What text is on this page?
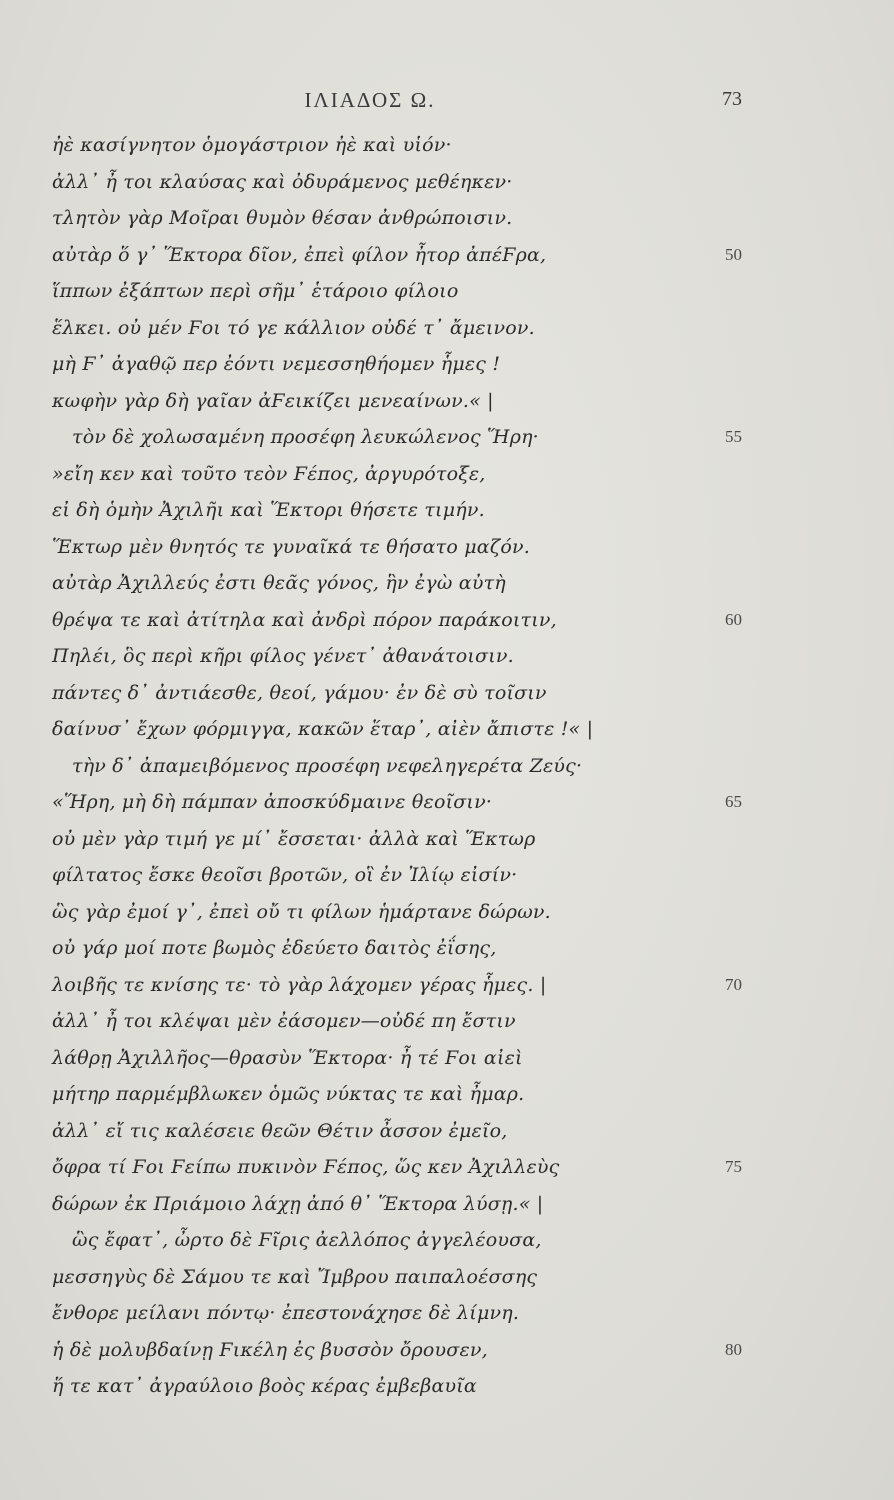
ΙΛΙΑΔΟΣ Ω.	73
ἠὲ κασίγνητον ὁμογάστριον ἠὲ καὶ υἱόν·
ἀλλ᾽ ἦ τοι κλαύσας καὶ ὀδυράμενος μεθέηκεν·
τλητὸν γὰρ Μοῖραι θυμὸν θέσαν ἀνθρώποισιν.
αὐτὰρ ὅ γ᾽ Ἕκτορα δῖον, ἐπεὶ φίλον ἦτορ ἀπέϜρα,	50
ἵππων ἐξάπτων περὶ σῆμ᾽ ἑτάροιο φίλοιο
ἕλκει. οὐ μέν Ϝοι τό γε κάλλιον οὐδέ τ᾽ ἄμεινον.
μὴ Ϝ᾽ ἀγαθῷ περ ἐόντι νεμεσσηθήομεν ἧμες !
κωφὴν γὰρ δὴ γαῖαν ἀϜεικίζει μενεαίνων.« |
τὸν δὲ χολωσαμένη προσέφη λευκώλενος Ἥρη·	55
»εἴη κεν καὶ τοῦτο τεὸν Ϝέπος, ἀργυρότοξε,
εἰ δὴ ὁμὴν Ἀχιλῆι καὶ Ἕκτορι θήσετε τιμήν.
Ἕκτωρ μὲν θνητός τε γυναῖκά τε θήσατο μαζόν.
αὐτὰρ Ἀχιλλεύς ἐστι θεᾶς γόνος, ἣν ἐγὼ αὐτὴ
θρέψα τε καὶ ἀτίτηλα καὶ ἀνδρὶ πόρον παράκοιτιν,	60
Πηλέι, ὃς περὶ κῆρι φίλος γένετ᾽ ἀθανάτοισιν.
πάντες δ᾽ ἀντιάεσθε, θεοί, γάμου· ἐν δὲ σὺ τοῖσιν
δαίνυσ᾽ ἔχων φόρμιγγα, κακῶν ἕταρ᾽, αἰὲν ἄπιστε !« |
τὴν δ᾽ ἀπαμειβόμενος προσέφη νεφεληγερέτα Ζεύς·
«Ἥρη, μὴ δὴ πάμπαν ἀποσκύδμαινε θεοῖσιν·	65
οὐ μὲν γὰρ τιμή γε μί᾽ ἔσσεται· ἀλλὰ καὶ Ἕκτωρ
φίλτατος ἔσκε θεοῖσι βροτῶν, οἳ ἐν Ἰλίῳ εἰσίν·
ὣς γὰρ ἐμοί γ᾽, ἐπεὶ οὔ τι φίλων ἡμάρτανε δώρων.
οὐ γάρ μοί ποτε βωμὸς ἐδεύετο δαιτὸς ἐΐσης,
λοιβῆς τε κνίσης τε· τὸ γὰρ λάχομεν γέρας ἧμες. |	70
ἀλλ᾽ ἦ τοι κλέψαι μὲν ἐάσομεν—οὐδέ πη ἔστιν
λάθρῃ Ἀχιλλῆος—θρασὺν Ἕκτορα· ἦ τέ Ϝοι αἰεὶ
μήτηρ παρμέμβλωκεν ὁμῶς νύκτας τε καὶ ἦμαρ.
ἀλλ᾽ εἴ τις καλέσειε θεῶν Θέτιν ἆσσον ἐμεῖο,
ὄφρα τί Ϝοι Ϝείπω πυκινὸν Ϝέπος, ὥς κεν Ἀχιλλεὺς	75
δώρων ἐκ Πριάμοιο λάχῃ ἀπό θ᾽ Ἕκτορα λύσῃ.« |
ὣς ἔφατ᾽, ὦρτο δὲ Ϝῖρις ἀελλόπος ἀγγελέουσα,
μεσσηγὺς δὲ Σάμου τε καὶ Ἴμβρου παιπαλοέσσης
ἔνθορε μείλανι πόντῳ· ἐπεστονάχησε δὲ λίμνη.
ἡ δὲ μολυβδαίνῃ Ϝικέλη ἐς βυσσὸν ὄρουσεν,	80
ἥ τε κατ᾽ ἀγραύλοιο βοὸς κέρας ἐμβεβαυῖα
